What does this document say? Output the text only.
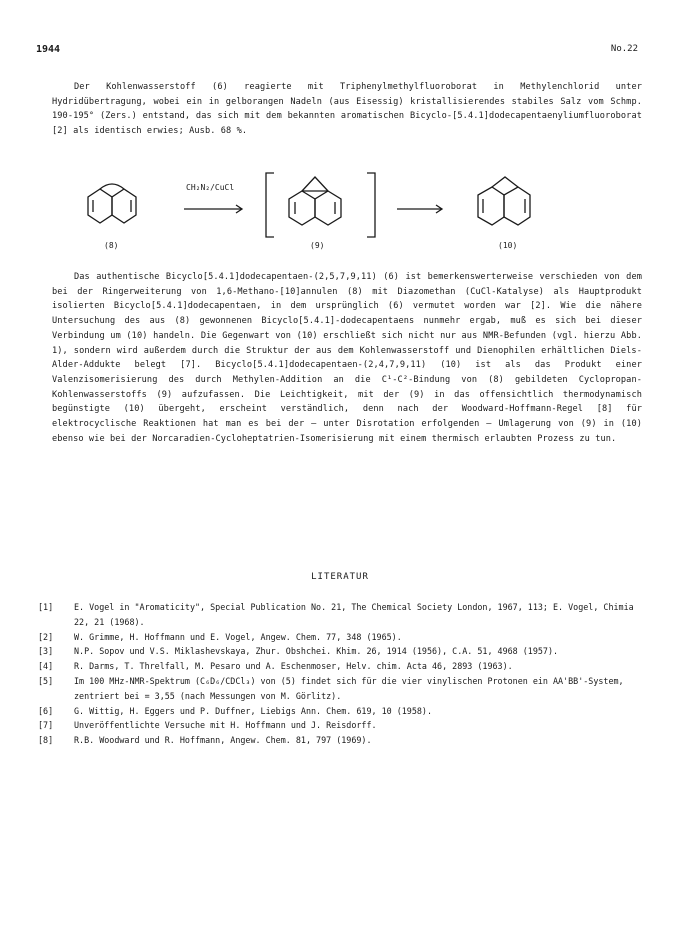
1944	No.22

Der Kohlenwasserstoff (6) reagierte mit Triphenylmethylfluoroborat in Methylenchlorid unter Hydridübertragung, wobei ein in gelborangen Nadeln (aus Eisessig) kristallisierendes stabiles Salz vom Schmp. 190-195° (Zers.) entstand, das sich mit dem bekannten aromatischen Bicyclo-[5.4.1]dodecapentaenyliumfluoroborat [2] als identisch erwies; Ausb. 68 %.

CH₂N₂/CuCl
(8)	(9)	(10)

Das authentische Bicyclo[5.4.1]dodecapentaen-(2,5,7,9,11) (6) ist bemerkenswerterweise verschieden von dem bei der Ringerweiterung von 1,6-Methano-[10]annulen (8) mit Diazomethan (CuCl-Katalyse) als Hauptprodukt isolierten Bicyclo[5.4.1]dodecapentaen, in dem ursprünglich (6) vermutet worden war [2]. Wie die nähere Untersuchung des aus (8) gewonnenen Bicyclo[5.4.1]-dodecapentaens nunmehr ergab, muß es sich bei dieser Verbindung um (10) handeln. Die Gegenwart von (10) erschließt sich nicht nur aus NMR-Befunden (vgl. hierzu Abb. 1), sondern wird außerdem durch die Struktur der aus dem Kohlenwasserstoff und Dienophilen erhältlichen Diels-Alder-Addukte belegt [7]. Bicyclo[5.4.1]dodecapentaen-(2,4,7,9,11) (10) ist als das Produkt einer Valenzisomerisierung des durch Methylen-Addition an die C¹-C²-Bindung von (8) gebildeten Cyclopropan-Kohlenwasserstoffs (9) aufzufassen. Die Leichtigkeit, mit der (9) in das offensichtlich thermodynamisch begünstigte (10) übergeht, erscheint verständlich, denn nach der Woodward-Hoffmann-Regel [8] für elektrocyclische Reaktionen hat man es bei der – unter Disrotation erfolgenden – Umlagerung von (9) in (10) ebenso wie bei der Norcaradien-Cycloheptatrien-Isomerisierung mit einem thermisch erlaubten Prozess zu tun.

LITERATUR
[1]	E. Vogel in "Aromaticity", Special Publication No. 21, The Chemical Society London, 1967, 113; E. Vogel, Chimia 22, 21 (1968).
[2]	W. Grimme, H. Hoffmann und E. Vogel, Angew. Chem. 77, 348 (1965).
[3]	N.P. Sopov und V.S. Miklashevskaya, Zhur. Obshchei. Khim. 26, 1914 (1956), C.A. 51, 4968 (1957).
[4]	R. Darms, T. Threlfall, M. Pesaro und A. Eschenmoser, Helv. chim. Acta 46, 2893 (1963).
[5]	Im 100 MHz-NMR-Spektrum (C₆D₆/CDCl₃) von (5) findet sich für die vier vinylischen Protonen ein AA'BB'-System, zentriert bei = 3,55 (nach Messungen von M. Görlitz).
[6]	G. Wittig, H. Eggers und P. Duffner, Liebigs Ann. Chem. 619, 10 (1958).
[7]	Unveröffentlichte Versuche mit H. Hoffmann und J. Reisdorff.
[8]	R.B. Woodward und R. Hoffmann, Angew. Chem. 81, 797 (1969).
